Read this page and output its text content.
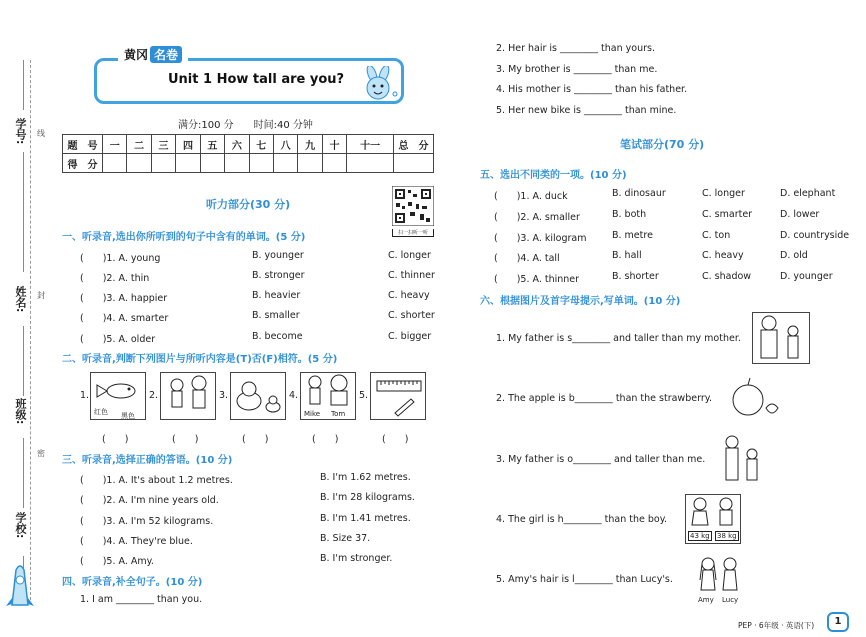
学号:
姓名:
班级:
学校:
线
封
密
黄冈 名卷
Unit 1 How tall are you?
满分:100 分　　 时间:40 分钟
题　号	一	二	三	四	五	六	七	八	九	十	十一	总　分
得　分												
听力部分(30 分)
扫一扫听一听
一、听录音,选出你所听到的句子中含有的单词。(5 分)
(　　)1. A. young	B. younger	C. longer
(　　)2. A. thin	B. stronger	C. thinner
(　　)3. A. happier	B. heavier	C. heavy
(　　)4. A. smarter	B. smaller	C. shorter
(　　)5. A. older	B. become	C. bigger
二、听录音,判断下列图片与所听内容是(T)否(F)相符。(5 分)
1.
红色 黑色
2.	3.	4.
Mike Tom
5.
(　　)	(　　)	(　　)	(　　)	(　　)
三、听录音,选择正确的答语。(10 分)
(　　)1. A. It's about 1.2 metres.	B. I'm 1.62 metres.
(　　)2. A. I'm nine years old.	B. I'm 28 kilograms.
(　　)3. A. I'm 52 kilograms.	B. I'm 1.41 metres.
(　　)4. A. They're blue.	B. Size 37.
(　　)5. A. Amy.	B. I'm stronger.
四、听录音,补全句子。(10 分)
1. I am ________ than you.
2. Her hair is ________ than yours.
3. My brother is ________ than me.
4. His mother is ________ than his father.
5. Her new bike is ________ than mine.
笔试部分(70 分)
五、选出不同类的一项。(10 分)
(　　)1. A. duck	B. dinosaur	C. longer	D. elephant
(　　)2. A. smaller	B. both	C. smarter	D. lower
(　　)3. A. kilogram	B. metre	C. ton	D. countryside
(　　)4. A. tall	B. hall	C. heavy	D. old
(　　)5. A. thinner	B. shorter	C. shadow	D. younger
六、根据图片及首字母提示,写单词。(10 分)
1. My father is s________ and taller than my mother.
2. The apple is b________ than the strawberry.
3. My father is o________ and taller than me.
4. The girl is h________ than the boy.
43 kg 38 kg
5. Amy's hair is l________ than Lucy's.
Amy Lucy
PEP · 6年级 · 英语(下)	1
